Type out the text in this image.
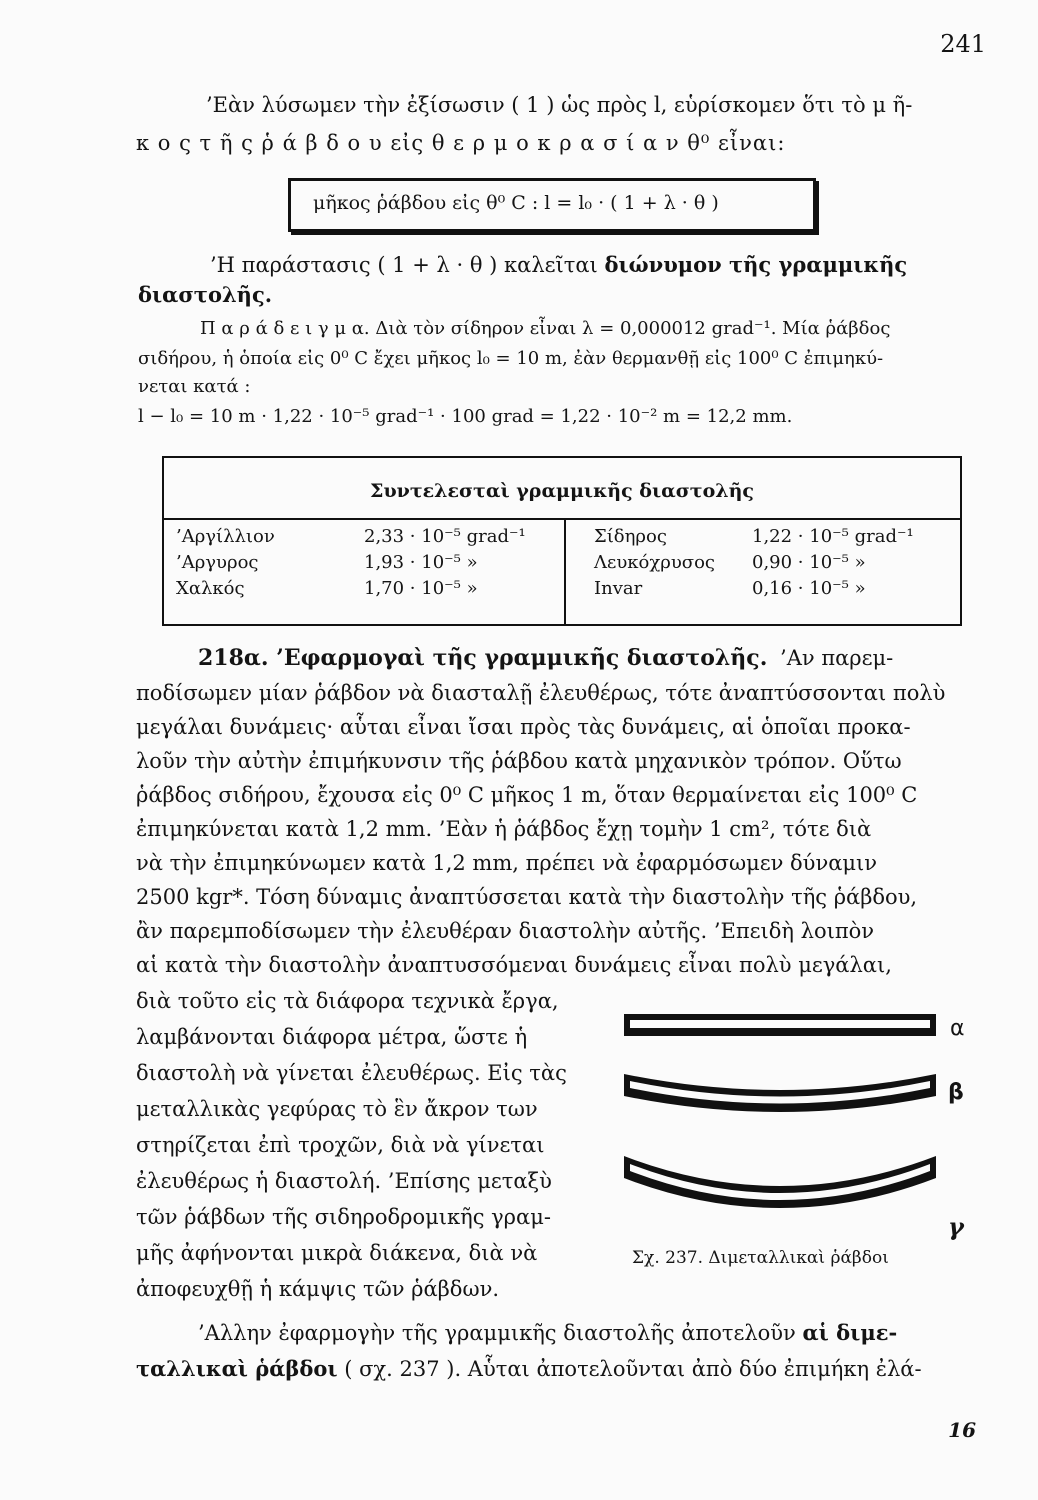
241
’Εὰν λύσωμεν τὴν ἐξίσωσιν ( 1 ) ὡς πρὸς l, εὑρίσκομεν ὅτι τὸ μ ῆ-
κ ο ς τ ῆ ς ῥ ά β δ ο υ εἰς θ ε ρ μ ο κ ρ α σ ί α ν θ⁰ εἶναι:
μῆκος ῥάβδου εἰς θ⁰ C : l = l₀ · ( 1 + λ · θ )
’Η παράστασις ( 1 + λ · θ ) καλεῖται διώνυμον τῆς γραμμικῆς
διαστολῆς.
Π α ρ ά δ ε ι γ μ α. Διὰ τὸν σίδηρον εἶναι λ = 0,000012 grad⁻¹. Μία ῥάβδος
σιδήρου, ἡ ὁποία εἰς 0⁰ C ἔχει μῆκος l₀ = 10 m, ἐὰν θερμανθῇ εἰς 100⁰ C ἐπιμηκύ-
νεται κατά :
l − l₀ = 10 m · 1,22 · 10⁻⁵ grad⁻¹ · 100 grad = 1,22 · 10⁻² m = 12,2 mm.
Συντελεσταὶ γραμμικῆς διαστολῆς
’Αργίλλιον	2,33 · 10⁻⁵ grad⁻¹
’Αργυρος	1,93 · 10⁻⁵ »
Χαλκός	1,70 · 10⁻⁵ »
Σίδηρος	1,22 · 10⁻⁵ grad⁻¹
Λευκόχρυσος 0,90 · 10⁻⁵ »
Invar	0,16 · 10⁻⁵ »
218α. ’Εφαρμογαὶ τῆς γραμμικῆς διαστολῆς. ’Αν παρεμ-
ποδίσωμεν μίαν ῥάβδον νὰ διασταλῇ ἐλευθέρως, τότε ἀναπτύσσονται πολὺ
μεγάλαι δυνάμεις· αὗται εἶναι ἴσαι πρὸς τὰς δυνάμεις, αἱ ὁποῖαι προκα-
λοῦν τὴν αὐτὴν ἐπιμήκυνσιν τῆς ῥάβδου κατὰ μηχανικὸν τρόπον. Οὕτω
ῥάβδος σιδήρου, ἔχουσα εἰς 0⁰ C μῆκος 1 m, ὅταν θερμαίνεται εἰς 100⁰ C
ἐπιμηκύνεται κατὰ 1,2 mm. ’Εὰν ἡ ῥάβδος ἔχῃ τομὴν 1 cm², τότε διὰ
νὰ τὴν ἐπιμηκύνωμεν κατὰ 1,2 mm, πρέπει νὰ ἐφαρμόσωμεν δύναμιν
2500 kgr*. Τόση δύναμις ἀναπτύσσεται κατὰ τὴν διαστολὴν τῆς ῥάβδου,
ἂν παρεμποδίσωμεν τὴν ἐλευθέραν διαστολὴν αὐτῆς. ’Επειδὴ λοιπὸν
αἱ κατὰ τὴν διαστολὴν ἀναπτυσσόμεναι δυνάμεις εἶναι πολὺ μεγάλαι,
διὰ τοῦτο εἰς τὰ διάφορα τεχνικὰ ἔργα,
λαμβάνονται διάφορα μέτρα, ὥστε ἡ
διαστολὴ νὰ γίνεται ἐλευθέρως. Εἰς τὰς
μεταλλικὰς γεφύρας τὸ ἓν ἄκρον των
στηρίζεται ἐπὶ τροχῶν, διὰ νὰ γίνεται
ἐλευθέρως ἡ διαστολή. ’Επίσης μεταξὺ
τῶν ῥάβδων τῆς σιδηροδρομικῆς γραμ-
μῆς ἀφήνονται μικρὰ διάκενα, διὰ νὰ
ἀποφευχθῇ ἡ κάμψις τῶν ῥάβδων.
α
β
γ
Σχ. 237. Διμεταλλικαὶ ῥάβδοι
’Αλλην ἐφαρμογὴν τῆς γραμμικῆς διαστολῆς ἀποτελοῦν αἱ διμε-
ταλλικαὶ ῥάβδοι ( σχ. 237 ). Αὗται ἀποτελοῦνται ἀπὸ δύο ἐπιμήκη ἐλά-
16
